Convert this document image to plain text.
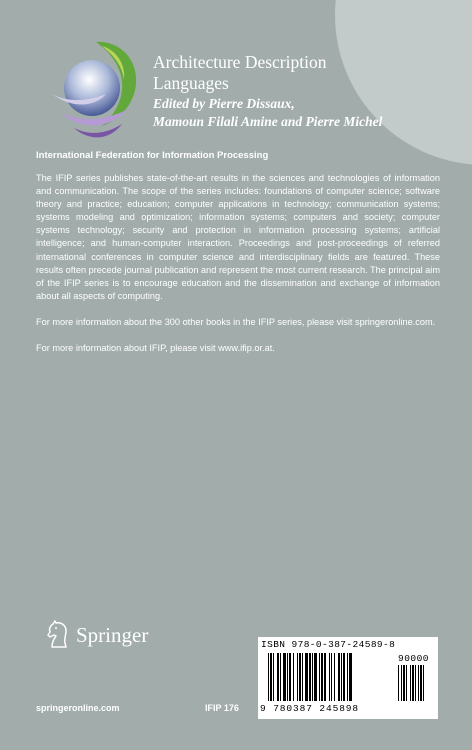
Architecture Description
Languages
Edited by Pierre Dissaux,
Mamoun Filali Amine and Pierre Michel
International Federation for Information Processing

The IFIP series publishes state-of-the-art results in the sciences and technologies of information and communication. The scope of the series includes: foundations of computer science; software theory and practice; education; computer applications in technology; communication systems; systems modeling and optimization; information systems; computers and society; computer systems technology; security and protection in information processing systems; artificial intelligence; and human-computer interaction. Proceedings and post-proceedings of referred international conferences in computer science and interdisciplinary fields are featured. These results often precede journal publication and represent the most current research. The principal aim of the IFIP series is to encourage education and the dissemination and exchange of information about all aspects of computing.

For more information about the 300 other books in the IFIP series, please visit springeronline.com.

For more information about IFIP, please visit www.ifip.or.at.

Springer
springeronline.com	IFIP 176
ISBN 978-0-387-24589-8
90000
9 780387 245898
